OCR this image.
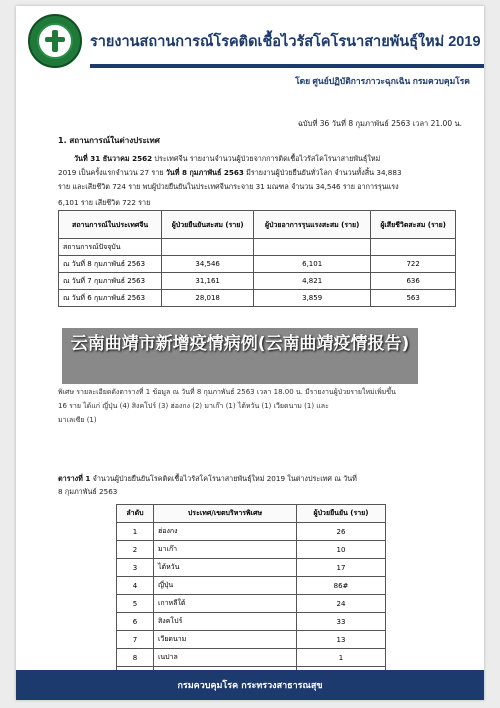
รายงานสถานการณ์โรคติดเชื้อไวรัสโคโรนาสายพันธุ์ใหม่ 2019
โดย ศูนย์ปฏิบัติการภาวะฉุกเฉิน กรมควบคุมโรค
ฉบับที่ 36 วันที่ 8 กุมภาพันธ์ 2563 เวลา 21.00 น.
1. สถานการณ์ในต่างประเทศ
วันที่ 31 ธันวาคม 2562 ประเทศจีน รายงานจำนวนผู้ป่วยจากการติดเชื้อไวรัสโคโรนาสายพันธุ์ใหม่
2019 เป็นครั้งแรกจำนวน 27 ราย วันที่ 8 กุมภาพันธ์ 2563 มีรายงานผู้ป่วยยืนยันทั่วโลก จำนวนทั้งสิ้น 34,883
ราย และเสียชีวิต 724 ราย พบผู้ป่วยยืนยันในประเทศจีนกระจาย 31 มณฑล จำนวน 34,546 ราย อาการรุนแรง
สถานการณ์ในประเทศจีน	ผู้ป่วยยืนยันสะสม (ราย)	ผู้ป่วยอาการรุนแรงสะสม (ราย)	ผู้เสียชีวิตสะสม (ราย)
สถานการณ์ปัจจุบัน			
ณ วันที่ 8 กุมภาพันธ์ 2563	34,546	6,101	722
ณ วันที่ 7 กุมภาพันธ์ 2563	31,161	4,821	636
ณ วันที่ 6 กุมภาพันธ์ 2563	28,018	3,859	563
6,101 ราย เสียชีวิต 722 ราย
พิเศษ รายละเอียดดังตารางที่ 1 ข้อมูล ณ วันที่ 8 กุมภาพันธ์ 2563 เวลา 18.00 น. มีรายงานผู้ป่วยรายใหม่เพิ่มขึ้น
16 ราย ได้แก่ ญี่ปุ่น (4) สิงคโปร์ (3) ฮ่องกง (2) มาเก๊า (1) ไต้หวัน (1) เวียดนาม (1) และ
มาเลเซีย (1)
ตารางที่ 1 จำนวนผู้ป่วยยืนยันโรคติดเชื้อไวรัสโคโรนาสายพันธุ์ใหม่ 2019 ในต่างประเทศ ณ วันที่
8 กุมภาพันธ์ 2563
ลำดับ	ประเทศ/เขตบริหารพิเศษ	ผู้ป่วยยืนยัน (ราย)
1	ฮ่องกง	26
2	มาเก๊า	10
3	ไต้หวัน	17
4	ญี่ปุ่น	86#
5	เกาหลีใต้	24
6	สิงคโปร์	33
7	เวียดนาม	13
8	เนปาล	1

กรมควบคุมโรค กระทรวงสาธารณสุข
云南曲靖市新增疫情病例(云南曲靖疫情报告)
